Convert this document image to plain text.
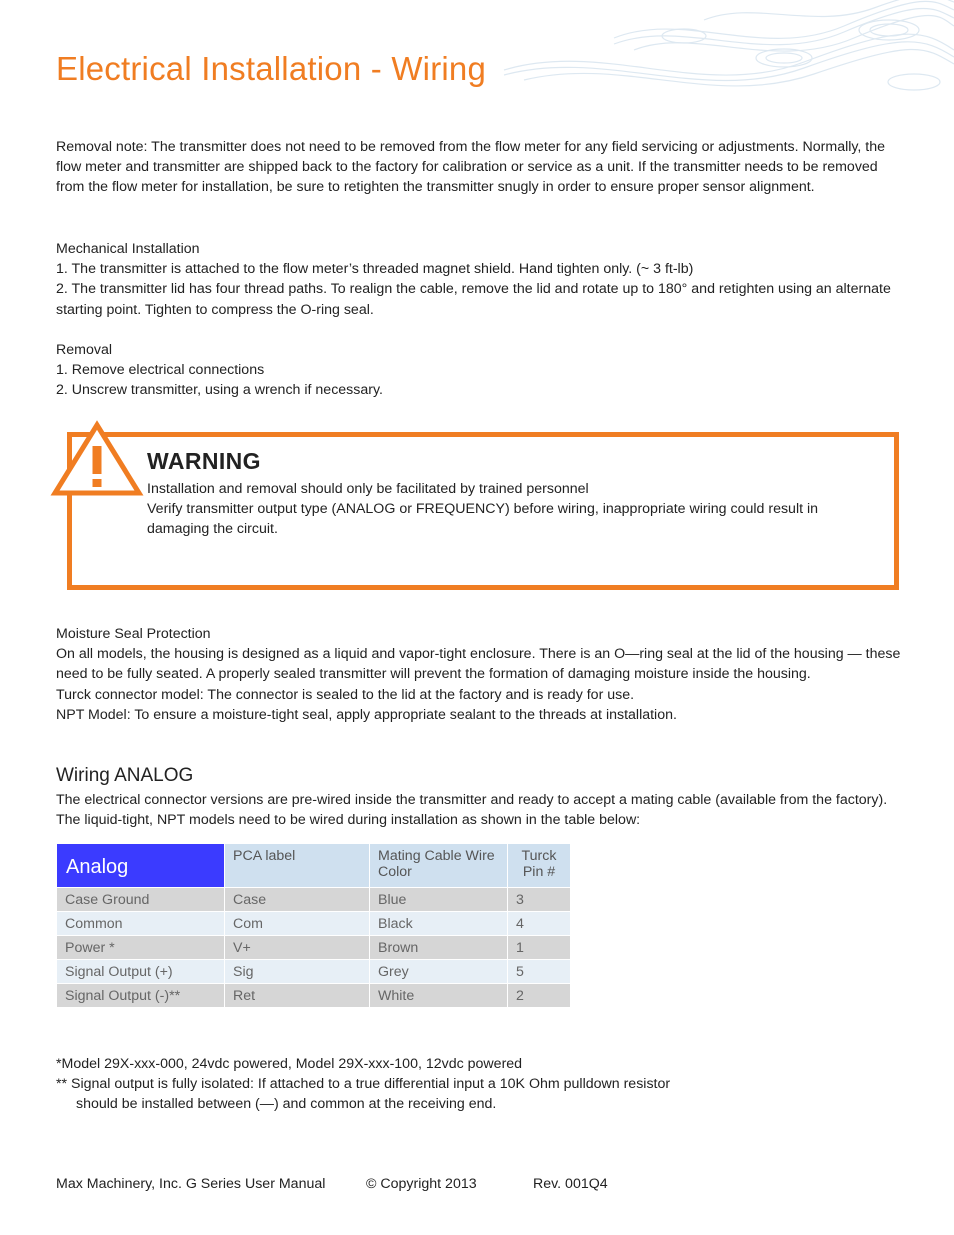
Electrical Installation - Wiring

Removal note: The transmitter does not need to be removed from the flow meter for any field servicing or adjustments. Normally, the flow meter and transmitter are shipped back to the factory for calibration or service as a unit. If the transmitter needs to be removed from the flow meter for installation, be sure to retighten the transmitter snugly in order to ensure proper sensor alignment.

Mechanical Installation

1. The transmitter is attached to the flow meter’s threaded magnet shield. Hand tighten only. (~ 3 ft-lb)

2. The transmitter lid has four thread paths. To realign the cable, remove the lid and rotate up to 180° and retighten using an alternate starting point. Tighten to compress the O-ring seal.

Removal

1. Remove electrical connections

2. Unscrew transmitter, using a wrench if necessary.

WARNING

Installation and removal should only be facilitated by trained personnel

Verify transmitter output type (ANALOG or FREQUENCY) before wiring, inappropriate wiring could result in damaging the circuit.

Moisture Seal Protection

On all models, the housing is designed as a liquid and vapor-tight enclosure. There is an O—ring seal at the lid of the housing — these need to be fully seated. A properly sealed transmitter will prevent the formation of damaging moisture inside the housing.

Turck connector model: The connector is sealed to the lid at the factory and is ready for use.

NPT Model: To ensure a moisture-tight seal, apply appropriate sealant to the threads at installation.

Wiring ANALOG

The electrical connector versions are pre-wired inside the transmitter and ready to accept a mating cable (available from the factory). The liquid-tight, NPT models need to be wired during installation as shown in the table below:

Analog	PCA label	Mating Cable Wire Color	Turck Pin #
Case Ground	Case	Blue	3
Common	Com	Black	4
Power *	V+	Brown	1
Signal Output (+)	Sig	Grey	5
Signal Output (-)**	Ret	White	2

*Model 29X-xxx-000, 24vdc powered, Model 29X-xxx-100, 12vdc powered

** Signal output is fully isolated: If attached to a true differential input a 10K Ohm pulldown resistor

should be installed between (—) and common at the receiving end.

Max Machinery, Inc. G Series User Manual	© Copyright 2013	Rev. 001Q4
